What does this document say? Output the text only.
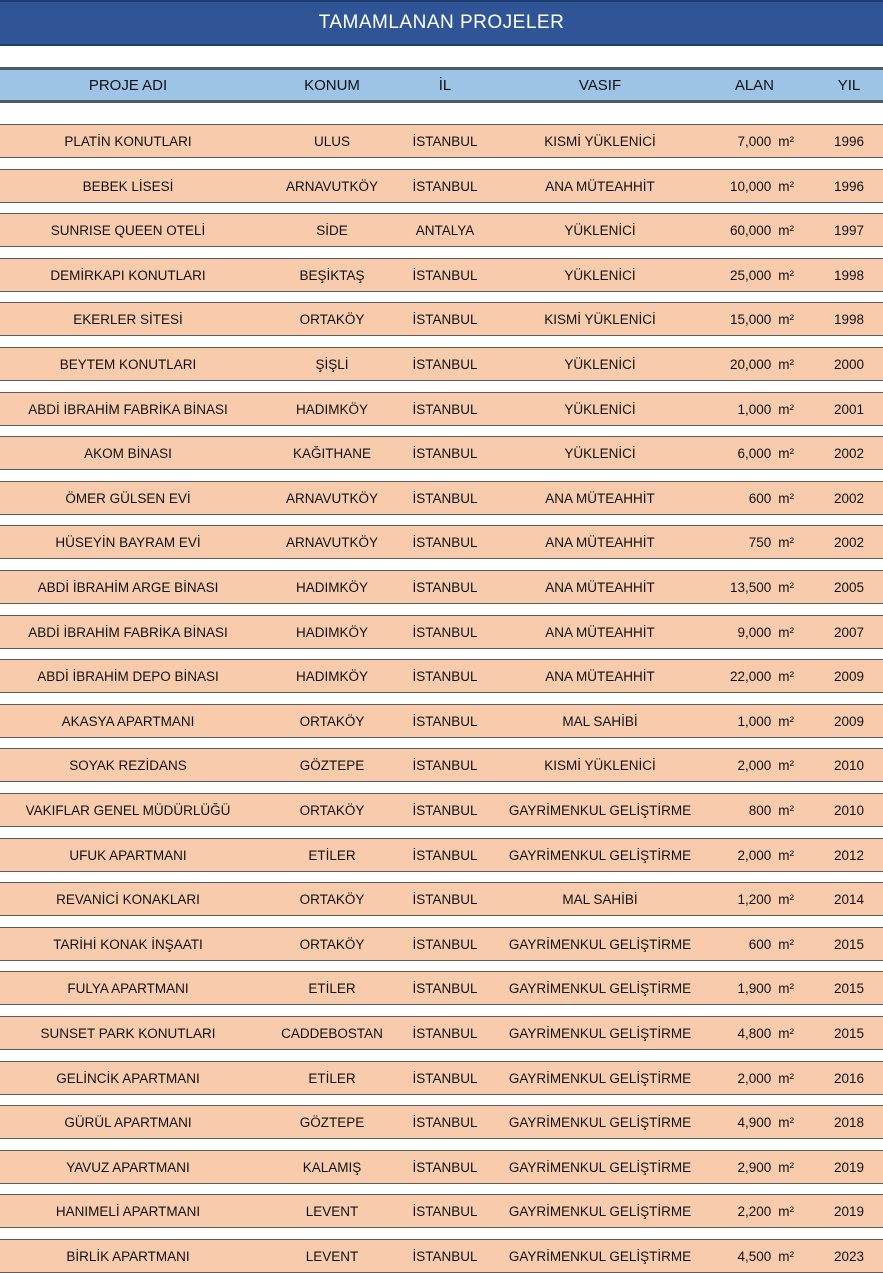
TAMAMLANAN PROJELER
PROJE ADI	KONUM	İL	VASIF	ALAN	YIL
PLATİN KONUTLARI	ULUS	İSTANBUL	KISMİ YÜKLENİCİ	7,000 m²	1996
BEBEK LİSESİ	ARNAVUTKÖY	İSTANBUL	ANA MÜTEAHHİT	10,000 m²	1996
SUNRISE QUEEN OTELİ	SİDE	ANTALYA	YÜKLENİCİ	60,000 m²	1997
DEMİRKAPI KONUTLARI	BEŞİKTAŞ	İSTANBUL	YÜKLENİCİ	25,000 m²	1998
EKERLER SİTESİ	ORTAKÖY	İSTANBUL	KISMİ YÜKLENİCİ	15,000 m²	1998
BEYTEM KONUTLARI	ŞİŞLİ	İSTANBUL	YÜKLENİCİ	20,000 m²	2000
ABDİ İBRAHİM FABRİKA BİNASI	HADIMKÖY	İSTANBUL	YÜKLENİCİ	1,000 m²	2001
AKOM BİNASI	KAĞITHANE	İSTANBUL	YÜKLENİCİ	6,000 m²	2002
ÖMER GÜLSEN EVİ	ARNAVUTKÖY	İSTANBUL	ANA MÜTEAHHİT	600 m²	2002
HÜSEYİN BAYRAM EVİ	ARNAVUTKÖY	İSTANBUL	ANA MÜTEAHHİT	750 m²	2002
ABDİ İBRAHİM ARGE BİNASI	HADIMKÖY	İSTANBUL	ANA MÜTEAHHİT	13,500 m²	2005
ABDİ İBRAHİM FABRİKA BİNASI	HADIMKÖY	İSTANBUL	ANA MÜTEAHHİT	9,000 m²	2007
ABDİ İBRAHİM DEPO BİNASI	HADIMKÖY	İSTANBUL	ANA MÜTEAHHİT	22,000 m²	2009
AKASYA APARTMANI	ORTAKÖY	İSTANBUL	MAL SAHİBİ	1,000 m²	2009
SOYAK REZİDANS	GÖZTEPE	İSTANBUL	KISMİ YÜKLENİCİ	2,000 m²	2010
VAKIFLAR GENEL MÜDÜRLÜĞÜ	ORTAKÖY	İSTANBUL	GAYRİMENKUL GELİŞTİRME	800 m²	2010
UFUK APARTMANI	ETİLER	İSTANBUL	GAYRİMENKUL GELİŞTİRME	2,000 m²	2012
REVANİCİ KONAKLARI	ORTAKÖY	İSTANBUL	MAL SAHİBİ	1,200 m²	2014
TARİHİ KONAK İNŞAATI	ORTAKÖY	İSTANBUL	GAYRİMENKUL GELİŞTİRME	600 m²	2015
FULYA APARTMANI	ETİLER	İSTANBUL	GAYRİMENKUL GELİŞTİRME	1,900 m²	2015
SUNSET PARK KONUTLARI	CADDEBOSTAN	İSTANBUL	GAYRİMENKUL GELİŞTİRME	4,800 m²	2015
GELİNCİK APARTMANI	ETİLER	İSTANBUL	GAYRİMENKUL GELİŞTİRME	2,000 m²	2016
GÜRÜL APARTMANI	GÖZTEPE	İSTANBUL	GAYRİMENKUL GELİŞTİRME	4,900 m²	2018
YAVUZ APARTMANI	KALAMIŞ	İSTANBUL	GAYRİMENKUL GELİŞTİRME	2,900 m²	2019
HANIMELİ APARTMANI	LEVENT	İSTANBUL	GAYRİMENKUL GELİŞTİRME	2,200 m²	2019
BİRLİK APARTMANI	LEVENT	İSTANBUL	GAYRİMENKUL GELİŞTİRME	4,500 m²	2023
